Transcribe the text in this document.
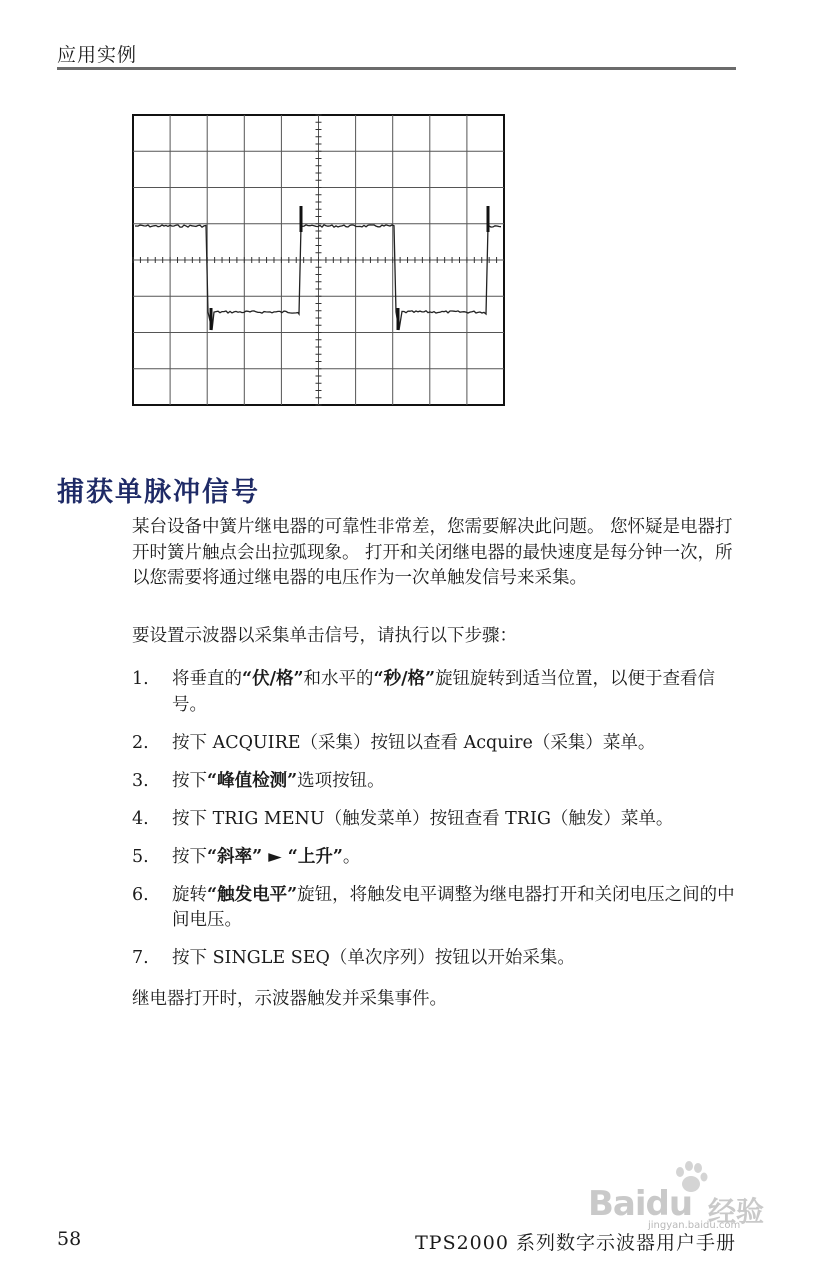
应用实例
捕获单脉冲信号

某台设备中簧片继电器的可靠性非常差，您需要解决此问题。 您怀疑是电器打开时簧片触点会出拉弧现象。 打开和关闭继电器的最快速度是每分钟一次，所以您需要将通过继电器的电压作为一次单触发信号来采集。

要设置示波器以采集单击信号，请执行以下步骤：

1. 将垂直的“伏/格”和水平的“秒/格”旋钮旋转到适当位置，以便于查看信号。
2. 按下 ACQUIRE（采集）按钮以查看 Acquire（采集）菜单。
3. 按下“峰值检测”选项按钮。
4. 按下 TRIG MENU（触发菜单）按钮查看 TRIG（触发）菜单。
5. 按下“斜率” ► “上升”。
6. 旋转“触发电平”旋钮，将触发电平调整为继电器打开和关闭电压之间的中间电压。
7. 按下 SINGLE SEQ（单次序列）按钮以开始采集。

继电器打开时，示波器触发并采集事件。

Baidu 经验
jingyan.baidu.com
58	TPS2000 系列数字示波器用户手册
